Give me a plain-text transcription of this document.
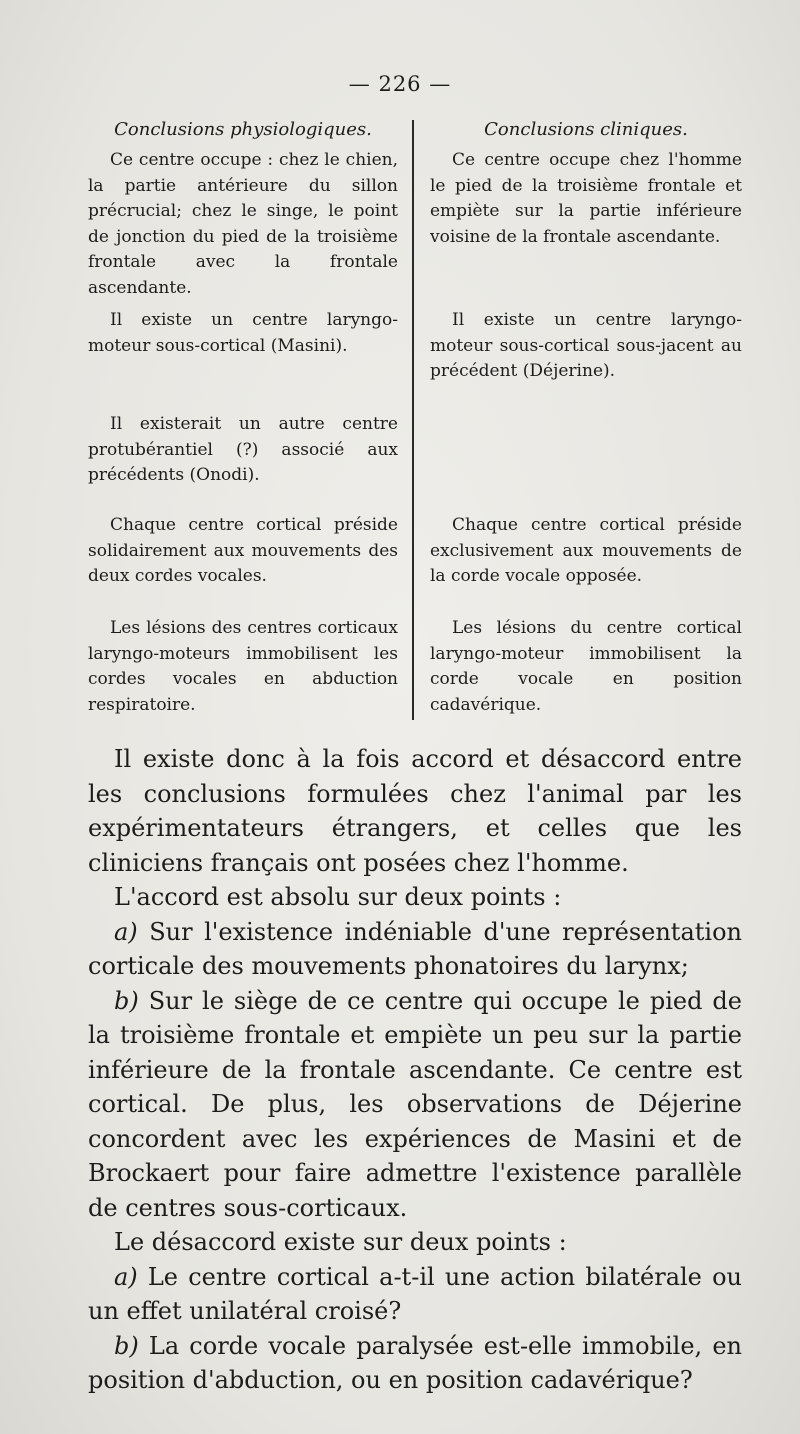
— 226 —
Conclusions physiologiques.

Ce centre occupe : chez le chien, la partie antérieure du sillon précrucial; chez le singe, le point de jonction du pied de la troisième frontale avec la frontale ascendante.

Il existe un centre laryngo-moteur sous-cortical (Masini).

Il existerait un autre centre protubérantiel (?) associé aux précédents (Onodi).

Chaque centre cortical préside solidairement aux mouvements des deux cordes vocales.

Les lésions des centres corticaux laryngo-moteurs immobilisent les cordes vocales en abduction respiratoire.

Conclusions cliniques.

Ce centre occupe chez l'homme le pied de la troisième frontale et empiète sur la partie inférieure voisine de la frontale ascendante.

Il existe un centre laryngo-moteur sous-cortical sous-jacent au précédent (Déjerine).

Chaque centre cortical préside exclusivement aux mouvements de la corde vocale opposée.

Les lésions du centre cortical laryngo-moteur immobilisent la corde vocale en position cadavérique.

Il existe donc à la fois accord et désaccord entre les conclusions formulées chez l'animal par les expérimentateurs étrangers, et celles que les cliniciens français ont posées chez l'homme.

L'accord est absolu sur deux points :

a) Sur l'existence indéniable d'une représentation corticale des mouvements phonatoires du larynx;

b) Sur le siège de ce centre qui occupe le pied de la troisième frontale et empiète un peu sur la partie inférieure de la frontale ascendante. Ce centre est cortical. De plus, les observations de Déjerine concordent avec les expériences de Masini et de Brockaert pour faire admettre l'existence parallèle de centres sous-corticaux.

Le désaccord existe sur deux points :

a) Le centre cortical a-t-il une action bilatérale ou un effet unilatéral croisé?

b) La corde vocale paralysée est-elle immobile, en position d'abduction, ou en position cadavérique?
